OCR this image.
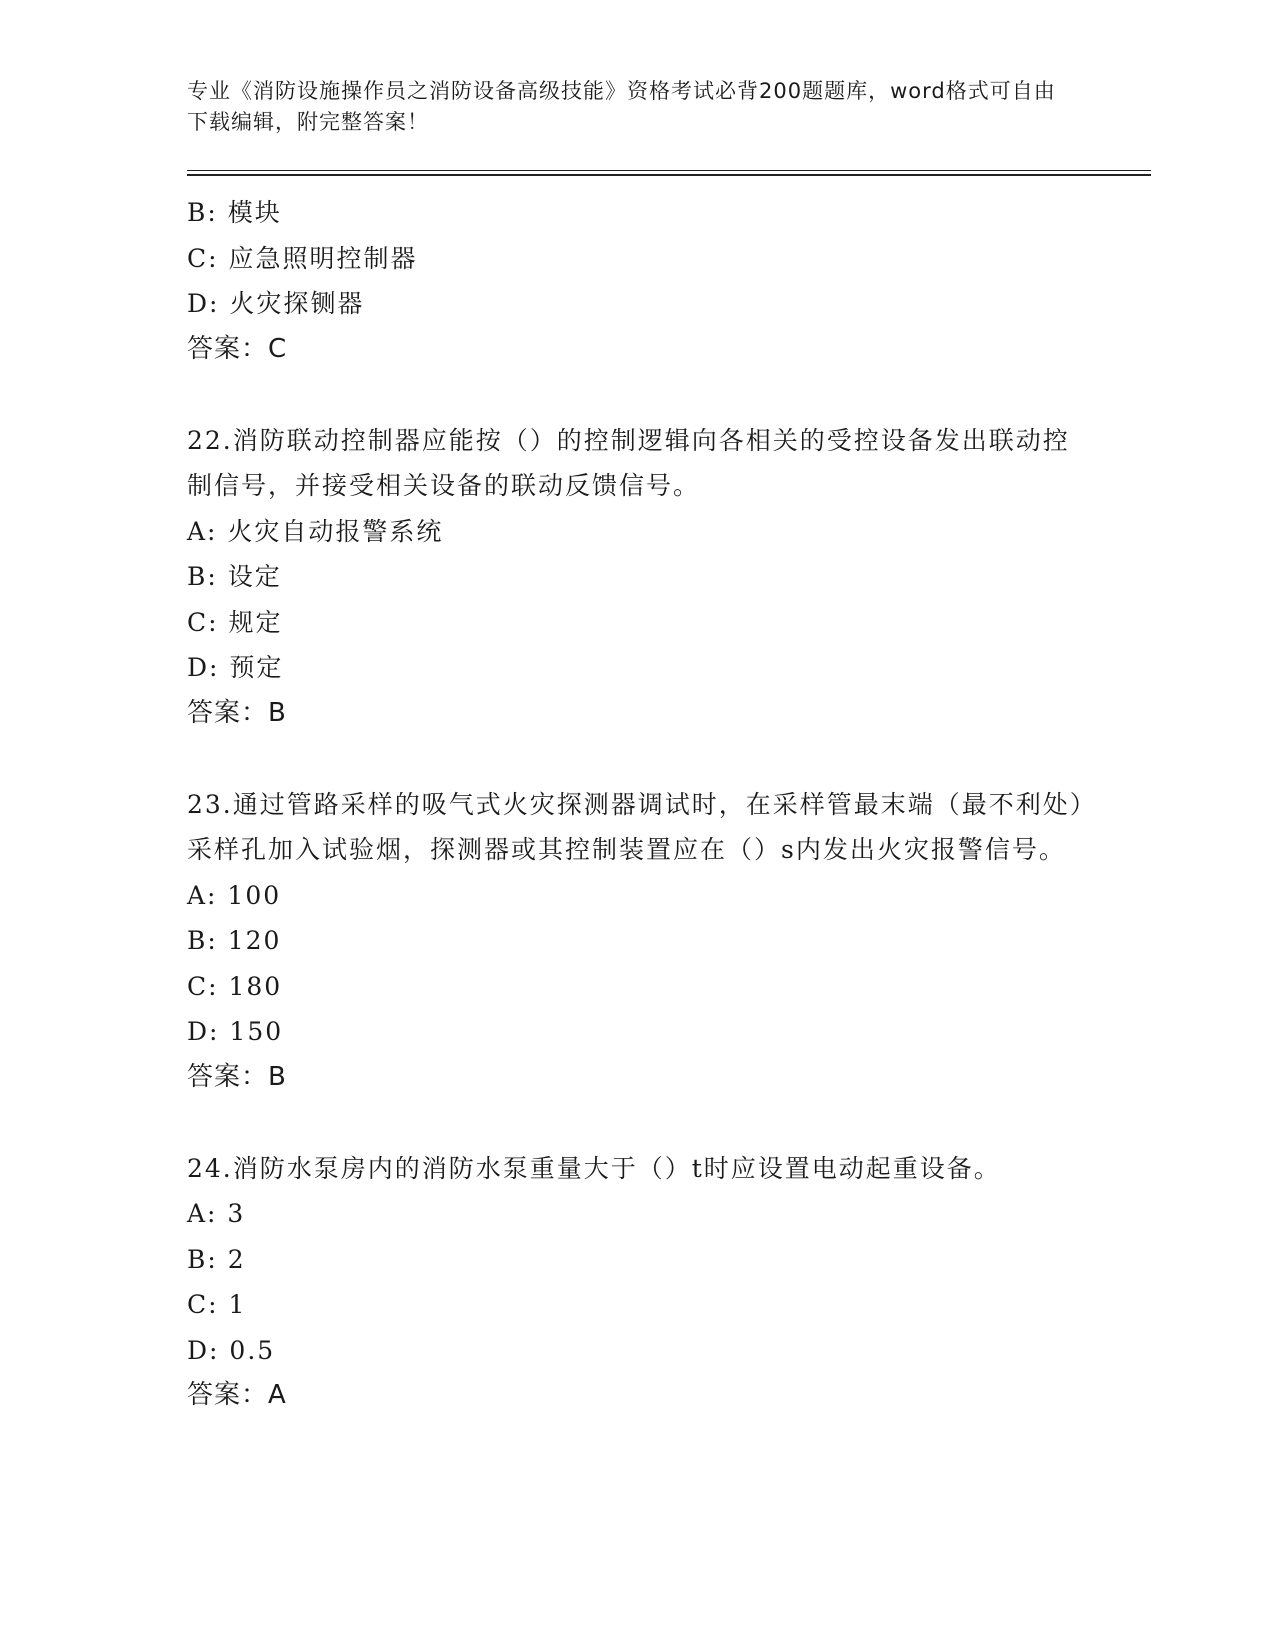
专业《消防设施操作员之消防设备高级技能》资格考试必背200题题库，word格式可自由下载编辑，附完整答案！

B: 模块

C: 应急照明控制器

D: 火灾探铡器

答案：C

22.消防联动控制器应能按（）的控制逻辑向各相关的受控设备发出联动控制信号，并接受相关设备的联动反馈信号。

A: 火灾自动报警系统

B: 设定

C: 规定

D: 预定

答案：B

23.通过管路采样的吸气式火灾探测器调试时，在采样管最末端（最不利处）采样孔加入试验烟，探测器或其控制装置应在（）s内发出火灾报警信号。

A: 100

B: 120

C: 180

D: 150

答案：B

24.消防水泵房内的消防水泵重量大于（）t时应设置电动起重设备。

A: 3

B: 2

C: 1

D: 0.5

答案：A
